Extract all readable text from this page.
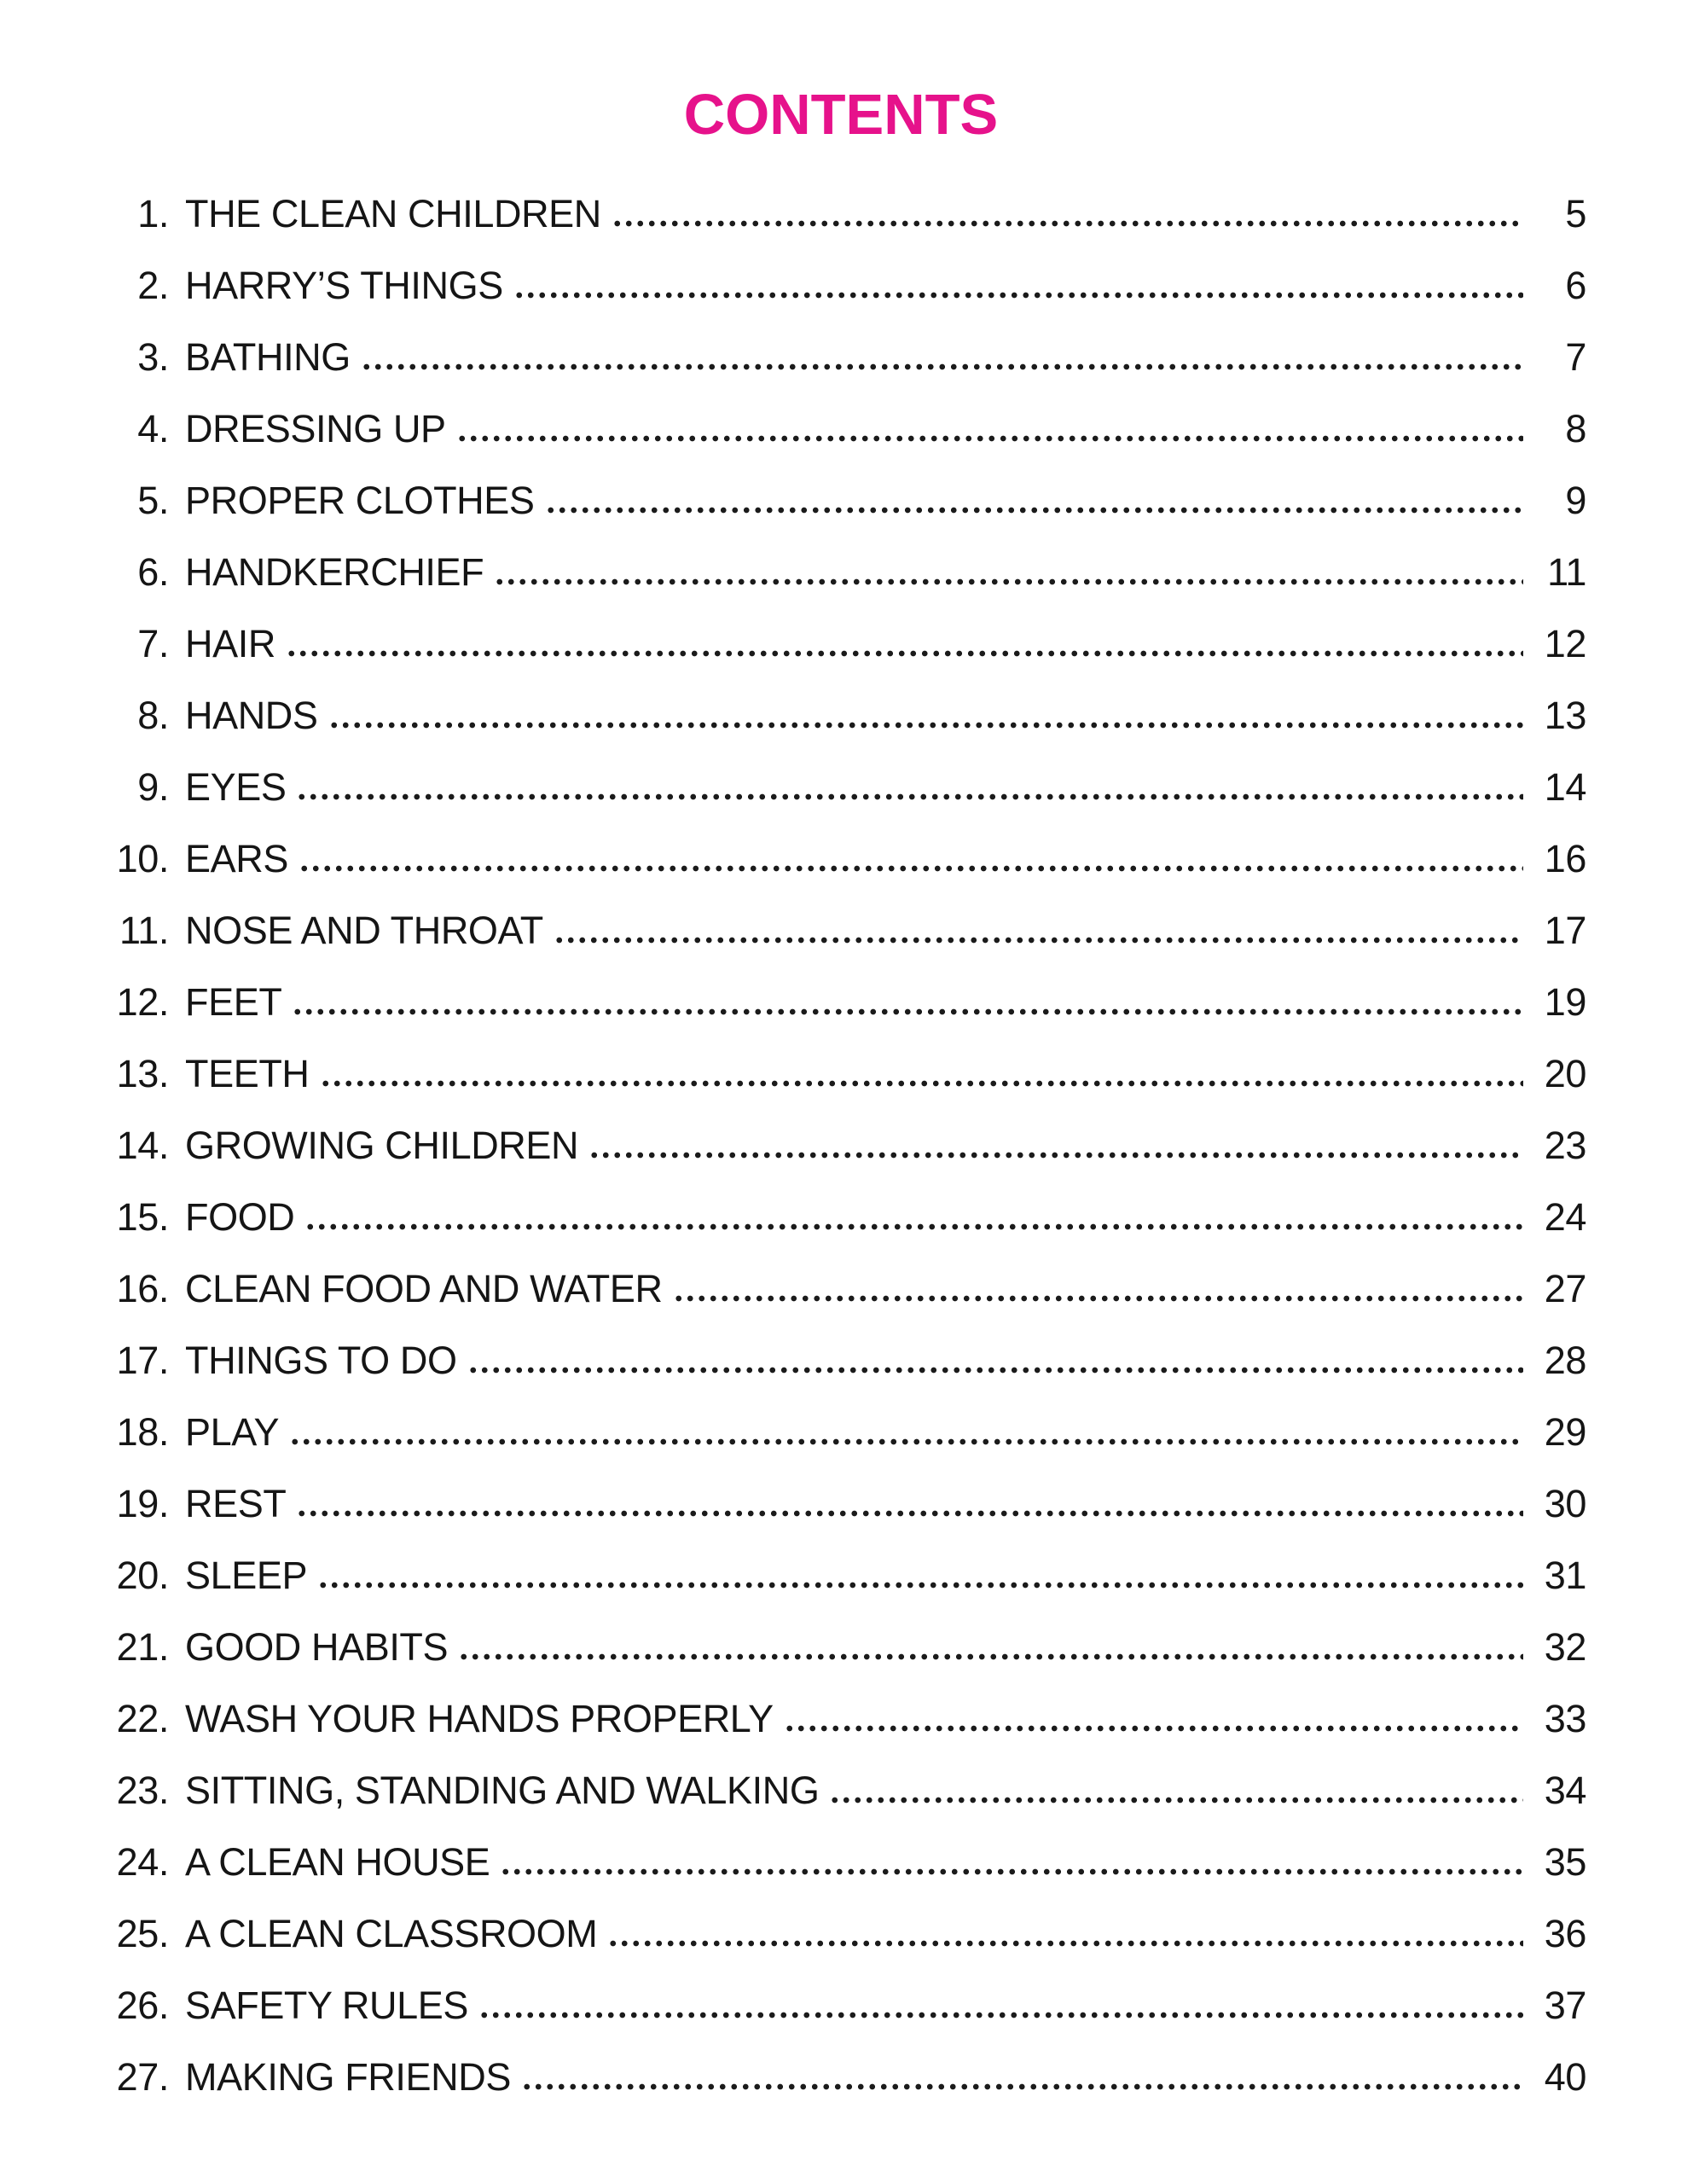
CONTENTS
1. THE CLEAN CHILDREN	5
2. HARRY’S THINGS	6
3. BATHING	7
4. DRESSING UP	8
5. PROPER CLOTHES	9
6. HANDKERCHIEF	11
7. HAIR	12
8. HANDS	13
9. EYES	14
10. EARS	16
11. NOSE AND THROAT	17
12. FEET	19
13. TEETH	20
14. GROWING CHILDREN	23
15. FOOD	24
16. CLEAN FOOD AND WATER	27
17. THINGS TO DO	28
18. PLAY	29
19. REST	30
20. SLEEP	31
21. GOOD HABITS	32
22. WASH YOUR HANDS PROPERLY	33
23. SITTING, STANDING AND WALKING	34
24. A CLEAN HOUSE	35
25. A CLEAN CLASSROOM	36
26. SAFETY RULES	37
27. MAKING FRIENDS	40
